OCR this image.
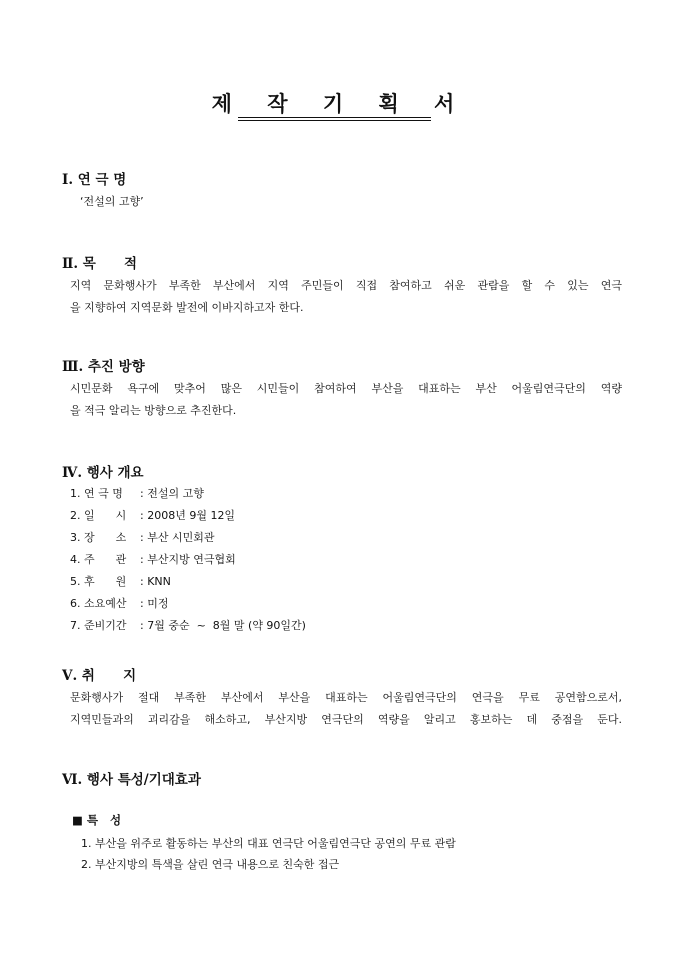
제 작 기 획 서
Ⅰ. 연 극 명
‘전설의 고향’
Ⅱ. 목      적
지역 문화행사가 부족한 부산에서 지역 주민들이 직접 참여하고 쉬운 관람을 할 수 있는 연극
을 지향하여 지역문화 발전에 이바지하고자 한다.
Ⅲ. 추진 방향
시민문화 욕구에 맞추어 많은 시민들이 참여하여 부산을 대표하는 부산 어울림연극단의 역량
을 적극 알리는 방향으로 추진한다.
Ⅳ. 행사 개요
1. 연 극 명 : 전설의 고향
2. 일      시 : 2008년 9월 12일
3. 장      소 : 부산 시민회관
4. 주      관 : 부산지방 연극협회
5. 후      원 : KNN
6. 소요예산 : 미정
7. 준비기간 : 7월 중순  ~  8월 말 (약 90일간)
Ⅴ. 취      지
문화행사가 절대 부족한 부산에서 부산을 대표하는 어울림연극단의 연극을 무료 공연함으로서,
지역민들과의 괴리감을 해소하고, 부산지방 연극단의 역량을 알리고 홍보하는 데 중점을 둔다.
Ⅵ. 행사 특성/기대효과
■ 특   성
1. 부산을 위주로 활동하는 부산의 대표 연극단 어울림연극단 공연의 무료 관람
2. 부산지방의 특색을 살린 연극 내용으로 친숙한 접근
